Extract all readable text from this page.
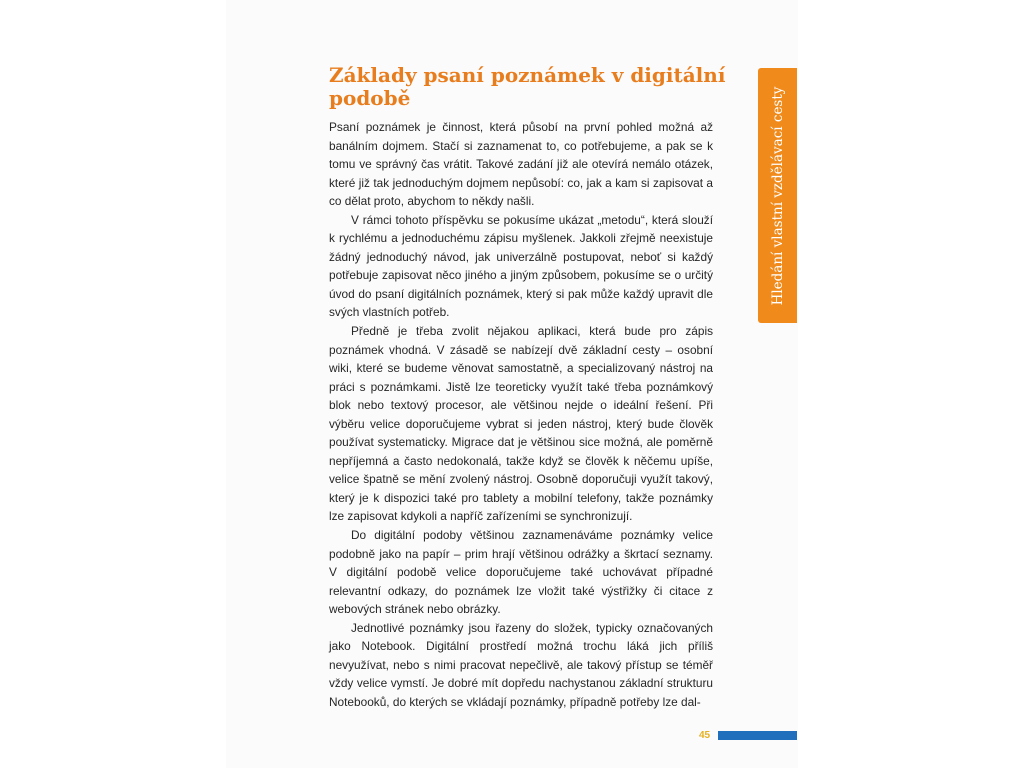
Základy psaní poznámek v digitální podobě

Psaní poznámek je činnost, která působí na první pohled možná až banálním dojmem. Stačí si zaznamenat to, co potřebujeme, a pak se k tomu ve správný čas vrátit. Takové zadání již ale otevírá nemálo otázek, které již tak jednoduchým dojmem nepůsobí: co, jak a kam si zapisovat a co dělat proto, abychom to někdy našli.

V rámci tohoto příspěvku se pokusíme ukázat „metodu“, která slouží k rychlému a jednoduchému zápisu myšlenek. Jakkoli zřejmě neexistuje žádný jednoduchý návod, jak univerzálně postupovat, neboť si každý potřebuje zapisovat něco jiného a jiným způsobem, pokusíme se o určitý úvod do psaní digitálních poznámek, který si pak může každý upravit dle svých vlastních potřeb.

Předně je třeba zvolit nějakou aplikaci, která bude pro zápis poznámek vhodná. V zásadě se nabízejí dvě základní cesty – osobní wiki, které se budeme věnovat samostatně, a specializovaný nástroj na práci s poznámkami. Jistě lze teoreticky využít také třeba poznámkový blok nebo textový procesor, ale většinou nejde o ideální řešení. Při výběru velice doporučujeme vybrat si jeden nástroj, který bude člověk používat systematicky. Migrace dat je většinou sice možná, ale poměrně nepříjemná a často nedokonalá, takže když se člověk k něčemu upíše, velice špatně se mění zvolený nástroj. Osobně doporučuji využít takový, který je k dispozici také pro tablety a mobilní telefony, takže poznámky lze zapisovat kdykoli a napříč zařízeními se synchronizují.

Do digitální podoby většinou zaznamenáváme poznámky velice podobně jako na papír – prim hrají většinou odrážky a škrtací seznamy. V digitální podobě velice doporučujeme také uchovávat případné relevantní odkazy, do poznámek lze vložit také výstřižky či citace z webových stránek nebo obrázky.

Jednotlivé poznámky jsou řazeny do složek, typicky označovaných jako Notebook. Digitální prostředí možná trochu láká jich příliš nevyužívat, nebo s nimi pracovat nepečlivě, ale takový přístup se téměř vždy velice vymstí. Je dobré mít dopředu nachystanou základní strukturu Notebooků, do kterých se vkládají poznámky, případně potřeby lze dal-

Hledání vlastní vzdělávací cesty
45
